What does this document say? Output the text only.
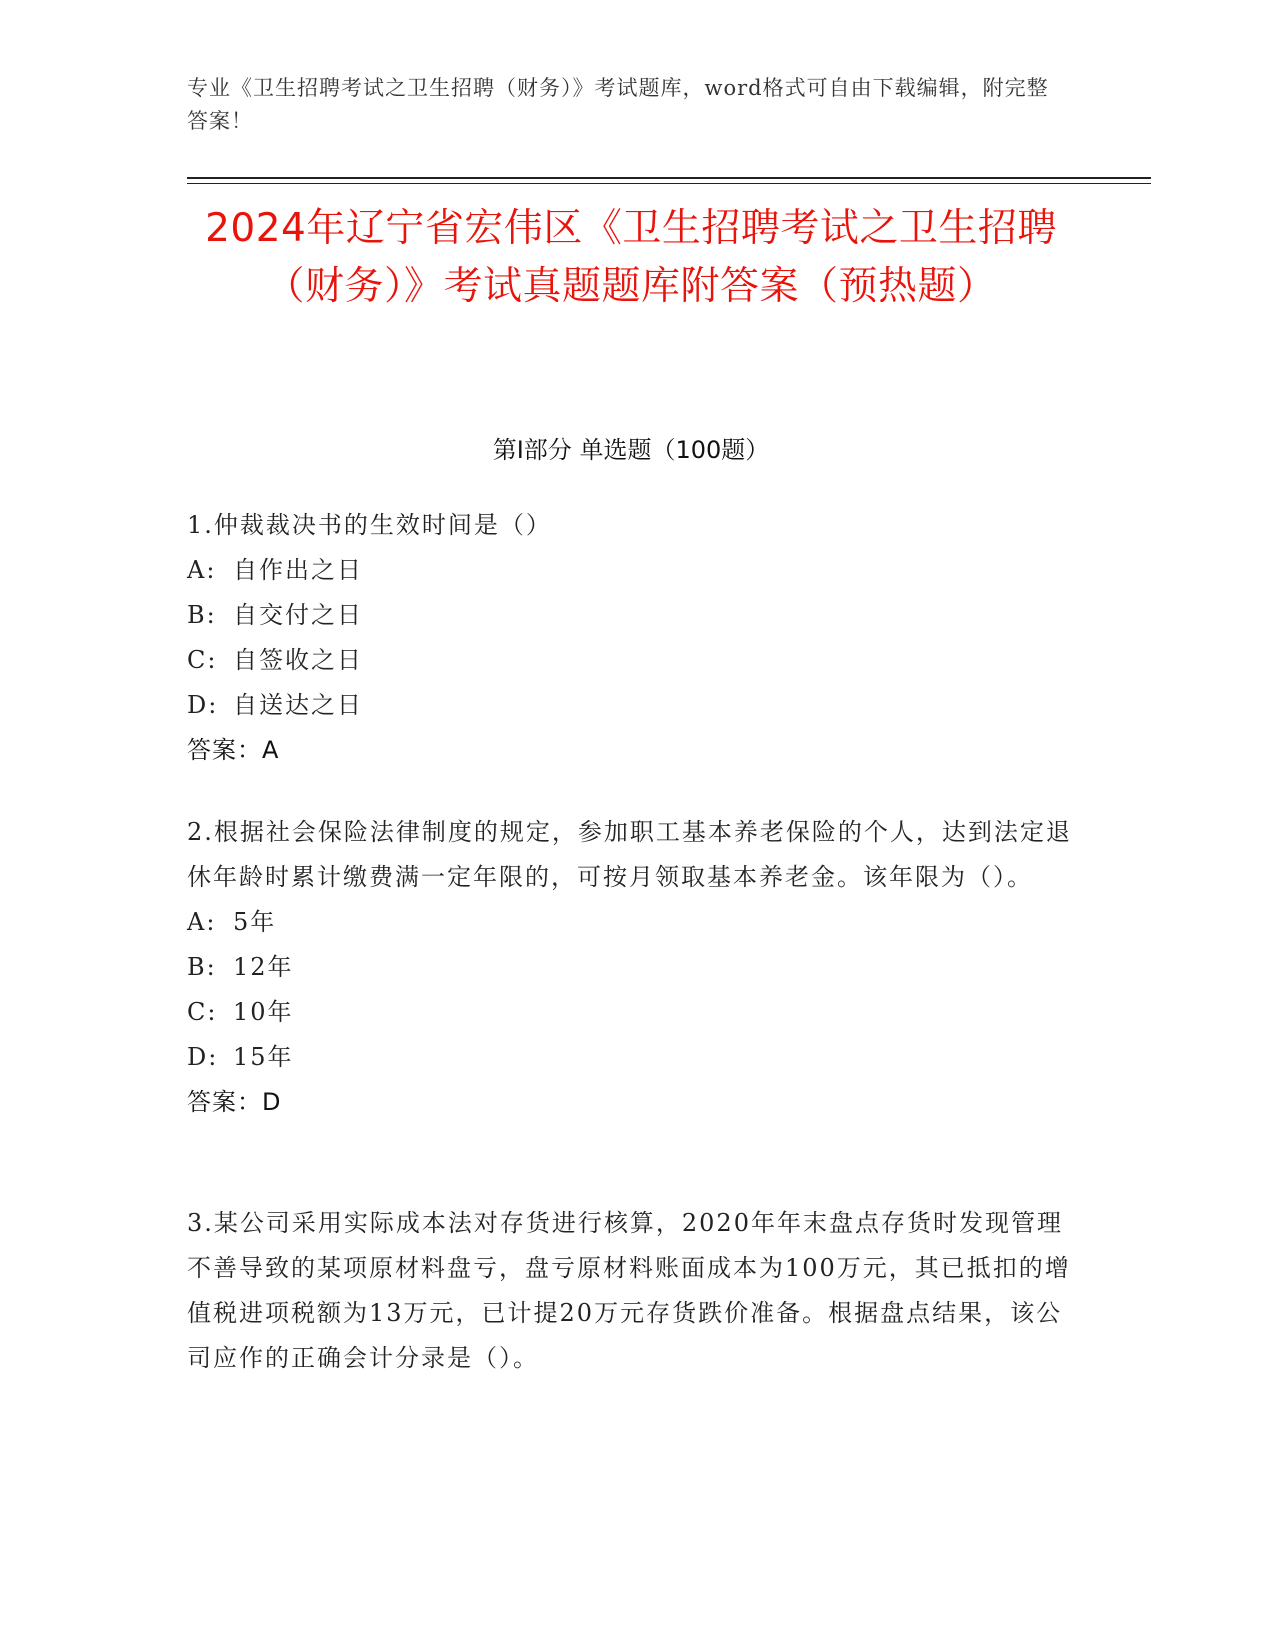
专业《卫生招聘考试之卫生招聘（财务）》考试题库，word格式可自由下载编辑，附完整答案！
2024年辽宁省宏伟区《卫生招聘考试之卫生招聘（财务）》考试真题题库附答案（预热题）
第I部分 单选题（100题）
1.仲裁裁决书的生效时间是（）
A: 自作出之日
B: 自交付之日
C: 自签收之日
D: 自送达之日
答案：A
2.根据社会保险法律制度的规定，参加职工基本养老保险的个人，达到法定退休年龄时累计缴费满一定年限的，可按月领取基本养老金。该年限为（）。
A: 5年
B: 12年
C: 10年
D: 15年
答案：D
3.某公司采用实际成本法对存货进行核算，2020年年末盘点存货时发现管理不善导致的某项原材料盘亏，盘亏原材料账面成本为100万元，其已抵扣的增值税进项税额为13万元，已计提20万元存货跌价准备。根据盘点结果，该公司应作的正确会计分录是（）。
